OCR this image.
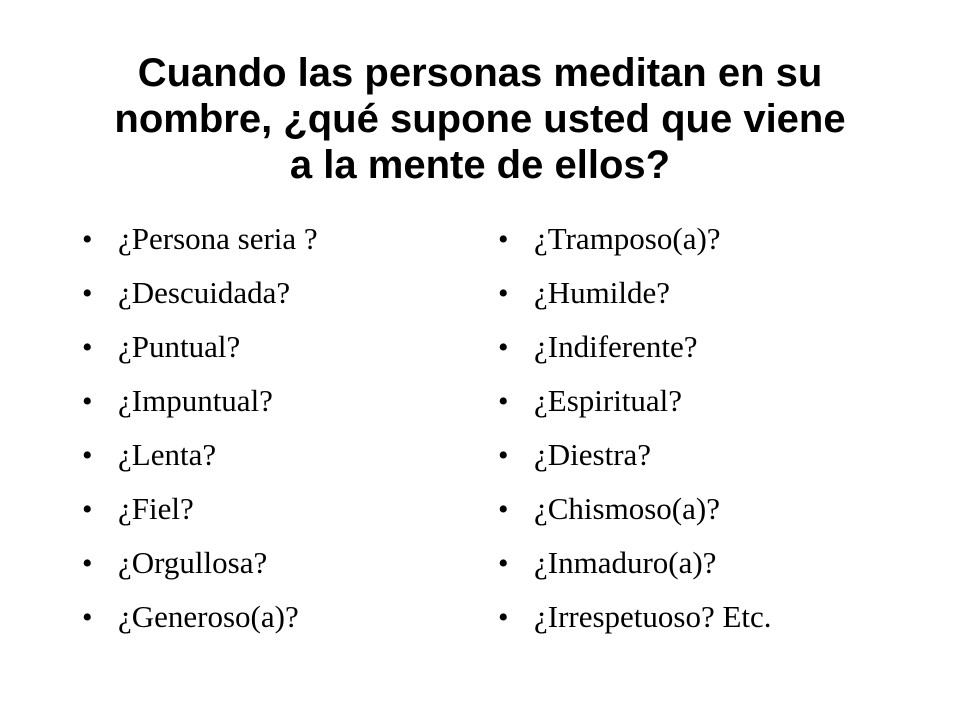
Cuando las personas meditan en su
nombre, ¿qué supone usted que viene
a la mente de ellos?
• ¿Persona seria ?
• ¿Descuidada?
• ¿Puntual?
• ¿Impuntual?
• ¿Lenta?
• ¿Fiel?
• ¿Orgullosa?
• ¿Generoso(a)?
• ¿Tramposo(a)?
• ¿Humilde?
• ¿Indiferente?
• ¿Espiritual?
• ¿Diestra?
• ¿Chismoso(a)?
• ¿Inmaduro(a)?
• ¿Irrespetuoso? Etc.
